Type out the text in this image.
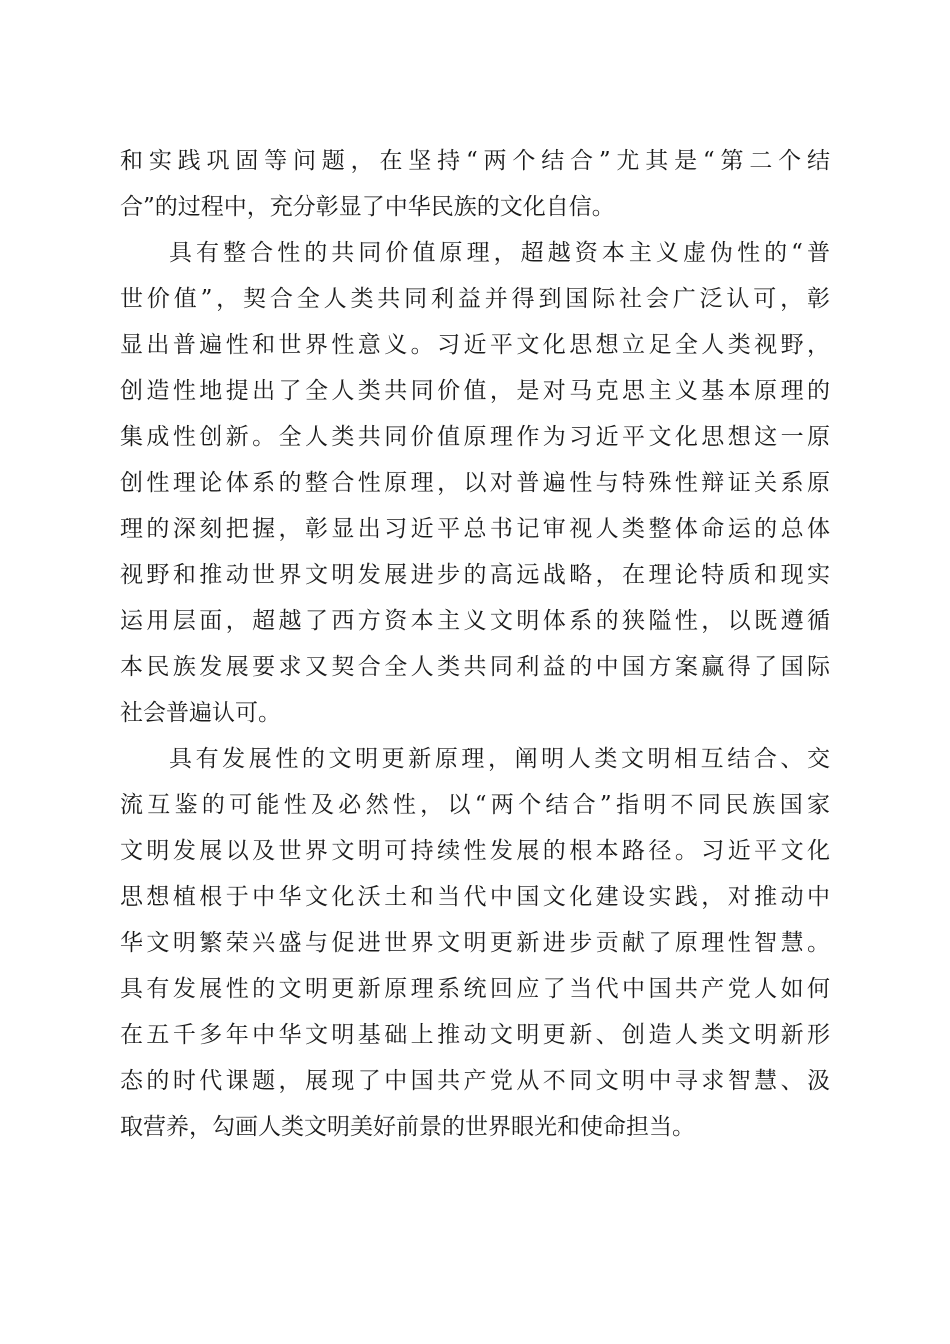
和实践巩固等问题，在坚持“两个结合”尤其是“第二个结
合”的过程中，充分彰显了中华民族的文化自信。
具有整合性的共同价值原理，超越资本主义虚伪性的“普
世价值”，契合全人类共同利益并得到国际社会广泛认可，彰
显出普遍性和世界性意义。习近平文化思想立足全人类视野，
创造性地提出了全人类共同价值，是对马克思主义基本原理的
集成性创新。全人类共同价值原理作为习近平文化思想这一原
创性理论体系的整合性原理，以对普遍性与特殊性辩证关系原
理的深刻把握，彰显出习近平总书记审视人类整体命运的总体
视野和推动世界文明发展进步的高远战略，在理论特质和现实
运用层面，超越了西方资本主义文明体系的狭隘性，以既遵循
本民族发展要求又契合全人类共同利益的中国方案赢得了国际
社会普遍认可。
具有发展性的文明更新原理，阐明人类文明相互结合、交
流互鉴的可能性及必然性，以“两个结合”指明不同民族国家
文明发展以及世界文明可持续性发展的根本路径。习近平文化
思想植根于中华文化沃土和当代中国文化建设实践，对推动中
华文明繁荣兴盛与促进世界文明更新进步贡献了原理性智慧。
具有发展性的文明更新原理系统回应了当代中国共产党人如何
在五千多年中华文明基础上推动文明更新、创造人类文明新形
态的时代课题，展现了中国共产党从不同文明中寻求智慧、汲
取营养，勾画人类文明美好前景的世界眼光和使命担当。
